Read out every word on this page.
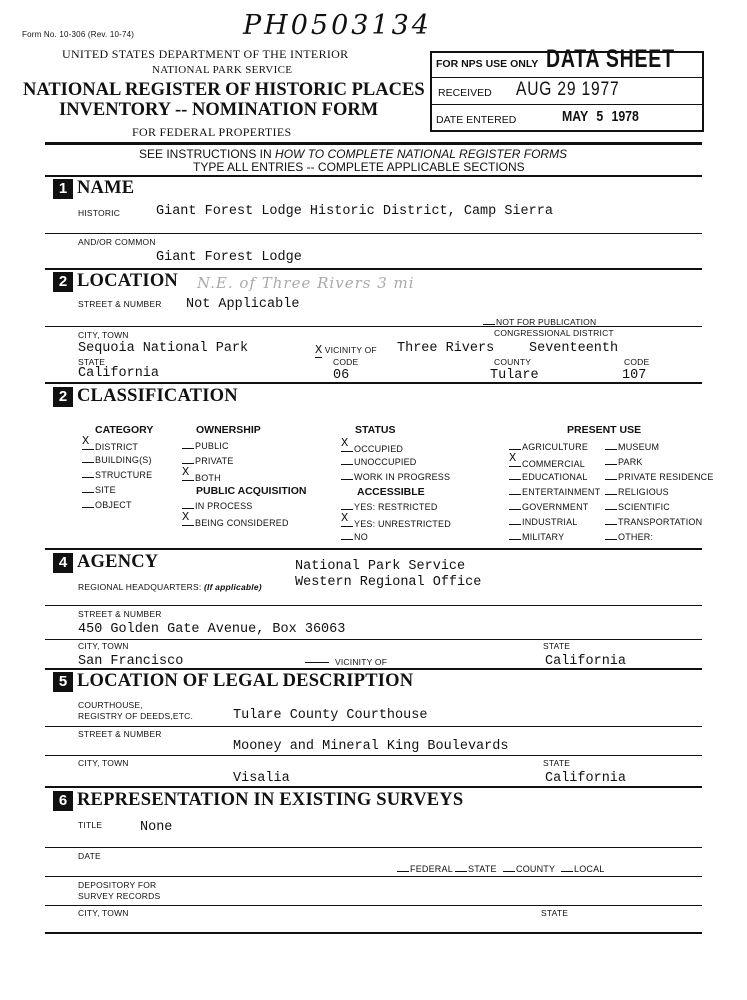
Form No. 10-306 (Rev. 10-74)	PH0503134
UNITED STATES DEPARTMENT OF THE INTERIOR
NATIONAL PARK SERVICE
NATIONAL REGISTER OF HISTORIC PLACES
INVENTORY -- NOMINATION FORM
FOR FEDERAL PROPERTIES
FOR NPS USE ONLY DATA SHEET
RECEIVED AUG 29 1977
DATE ENTERED	MAY 5 1978
SEE INSTRUCTIONS IN HOW TO COMPLETE NATIONAL REGISTER FORMS
TYPE ALL ENTRIES -- COMPLETE APPLICABLE SECTIONS
1 NAME
HISTORIC	Giant Forest Lodge Historic District, Camp Sierra
AND/OR COMMON
Giant Forest Lodge
2 LOCATION N.E. of Three Rivers 3 mi
STREET & NUMBER Not Applicable
NOT FOR PUBLICATION
CITY, TOWN	CONGRESSIONAL DISTRICT
Sequoia National Park	X VICINITY OF Three Rivers	Seventeenth
STATE	CODE	COUNTY	CODE
California	06	Tulare	107
2 CLASSIFICATION
CATEGORY	OWNERSHIP	STATUS	PRESENT USE
PUBLIC ACQUISITION	ACCESSIBLE
X DISTRICT
BUILDING(S)
STRUCTURE
SITE
OBJECT
PUBLIC
PRIVATE
X BOTH
IN PROCESS
X BEING CONSIDERED
X OCCUPIED
UNOCCUPIED
WORK IN PROGRESS
YES: RESTRICTED
X YES: UNRESTRICTED
NO
AGRICULTURE
X COMMERCIAL
EDUCATIONAL
ENTERTAINMENT
GOVERNMENT
INDUSTRIAL
MILITARY
MUSEUM
PARK
PRIVATE RESIDENCE
RELIGIOUS
SCIENTIFIC
TRANSPORTATION
OTHER:
4 AGENCY	National Park Service
Western Regional Office
REGIONAL HEADQUARTERS: (If applicable)
STREET & NUMBER
450 Golden Gate Avenue, Box 36063
CITY, TOWN	STATE
San Francisco	VICINITY OF	California
5 LOCATION OF LEGAL DESCRIPTION
COURTHOUSE,
REGISTRY OF DEEDS,ETC.	Tulare County Courthouse
STREET & NUMBER
Mooney and Mineral King Boulevards
CITY, TOWN	STATE
Visalia	California
6 REPRESENTATION IN EXISTING SURVEYS
TITLE	None
DATE
FEDERAL	STATE	COUNTY	LOCAL
DEPOSITORY FOR
SURVEY RECORDS
CITY, TOWN	STATE
